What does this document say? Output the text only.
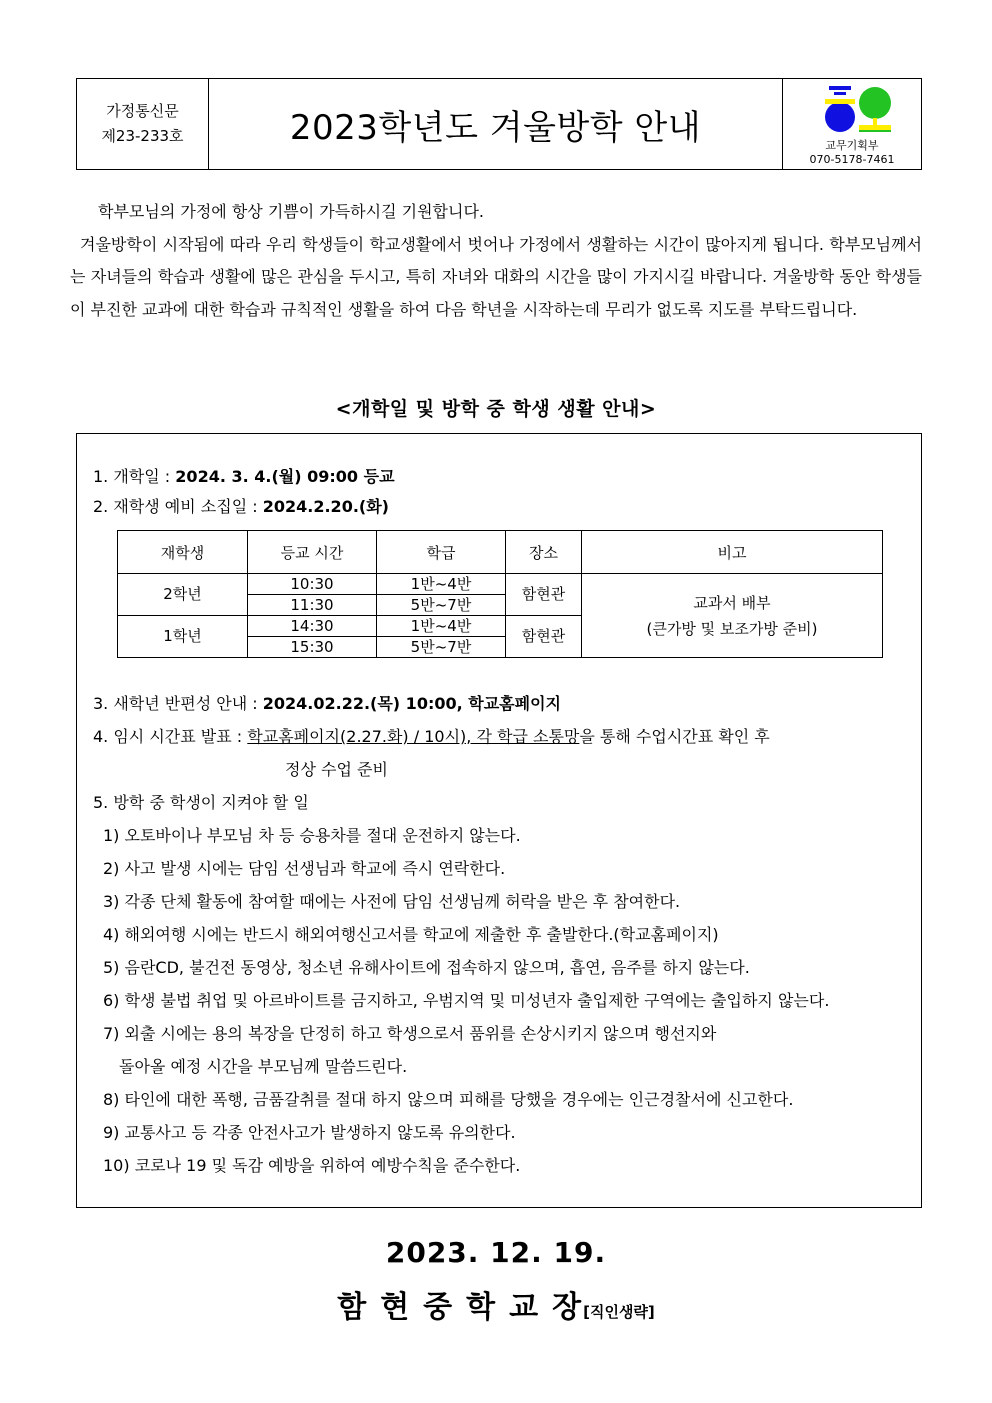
가정통신문
제23-233호	2023학년도 겨울방학 안내	교무기획부
070-5178-7461

학부모님의 가정에 항상 기쁨이 가득하시길 기원합니다.

겨울방학이 시작됨에 따라 우리 학생들이 학교생활에서 벗어나 가정에서 생활하는 시간이 많아지게 됩니다. 학부모님께서는 자녀들의 학습과 생활에 많은 관심을 두시고, 특히 자녀와 대화의 시간을 많이 가지시길 바랍니다. 겨울방학 동안 학생들이 부진한 교과에 대한 학습과 규칙적인 생활을 하여 다음 학년을 시작하는데 무리가 없도록 지도를 부탁드립니다.

<개학일 및 방학 중 학생 생활 안내>
1. 개학일 : 2024. 3. 4.(월) 09:00 등교
2. 재학생 예비 소집일 : 2024.2.20.(화)
재학생	등교 시간	학급	장소	비고
2학년	10:30	1반~4반	함현관	교과서 배부
(큰가방 및 보조가방 준비)
	11:30	5반~7반		
1학년	14:30	1반~4반	함현관	
	15:30	5반~7반		
3. 새학년 반편성 안내 : 2024.02.22.(목) 10:00, 학교홈페이지
4. 임시 시간표 발표 : 학교홈페이지(2.27.화) / 10시), 각 학급 소통망을 통해 수업시간표 확인 후
정상 수업 준비
5. 방학 중 학생이 지켜야 할 일
1) 오토바이나 부모님 차 등 승용차를 절대 운전하지 않는다.
2) 사고 발생 시에는 담임 선생님과 학교에 즉시 연락한다.
3) 각종 단체 활동에 참여할 때에는 사전에 담임 선생님께 허락을 받은 후 참여한다.
4) 해외여행 시에는 반드시 해외여행신고서를 학교에 제출한 후 출발한다.(학교홈페이지)
5) 음란CD, 불건전 동영상, 청소년 유해사이트에 접속하지 않으며, 흡연, 음주를 하지 않는다.
6) 학생 불법 취업 및 아르바이트를 금지하고, 우범지역 및 미성년자 출입제한 구역에는 출입하지 않는다.
7) 외출 시에는 용의 복장을 단정히 하고 학생으로서 품위를 손상시키지 않으며 행선지와
돌아올 예정 시간을 부모님께 말씀드린다.
8) 타인에 대한 폭행, 금품갈취를 절대 하지 않으며 피해를 당했을 경우에는 인근경찰서에 신고한다.
9) 교통사고 등 각종 안전사고가 발생하지 않도록 유의한다.
10) 코로나 19 및 독감 예방을 위하여 예방수칙을 준수한다.
2023. 12. 19.
함현중학교장[직인생략]
